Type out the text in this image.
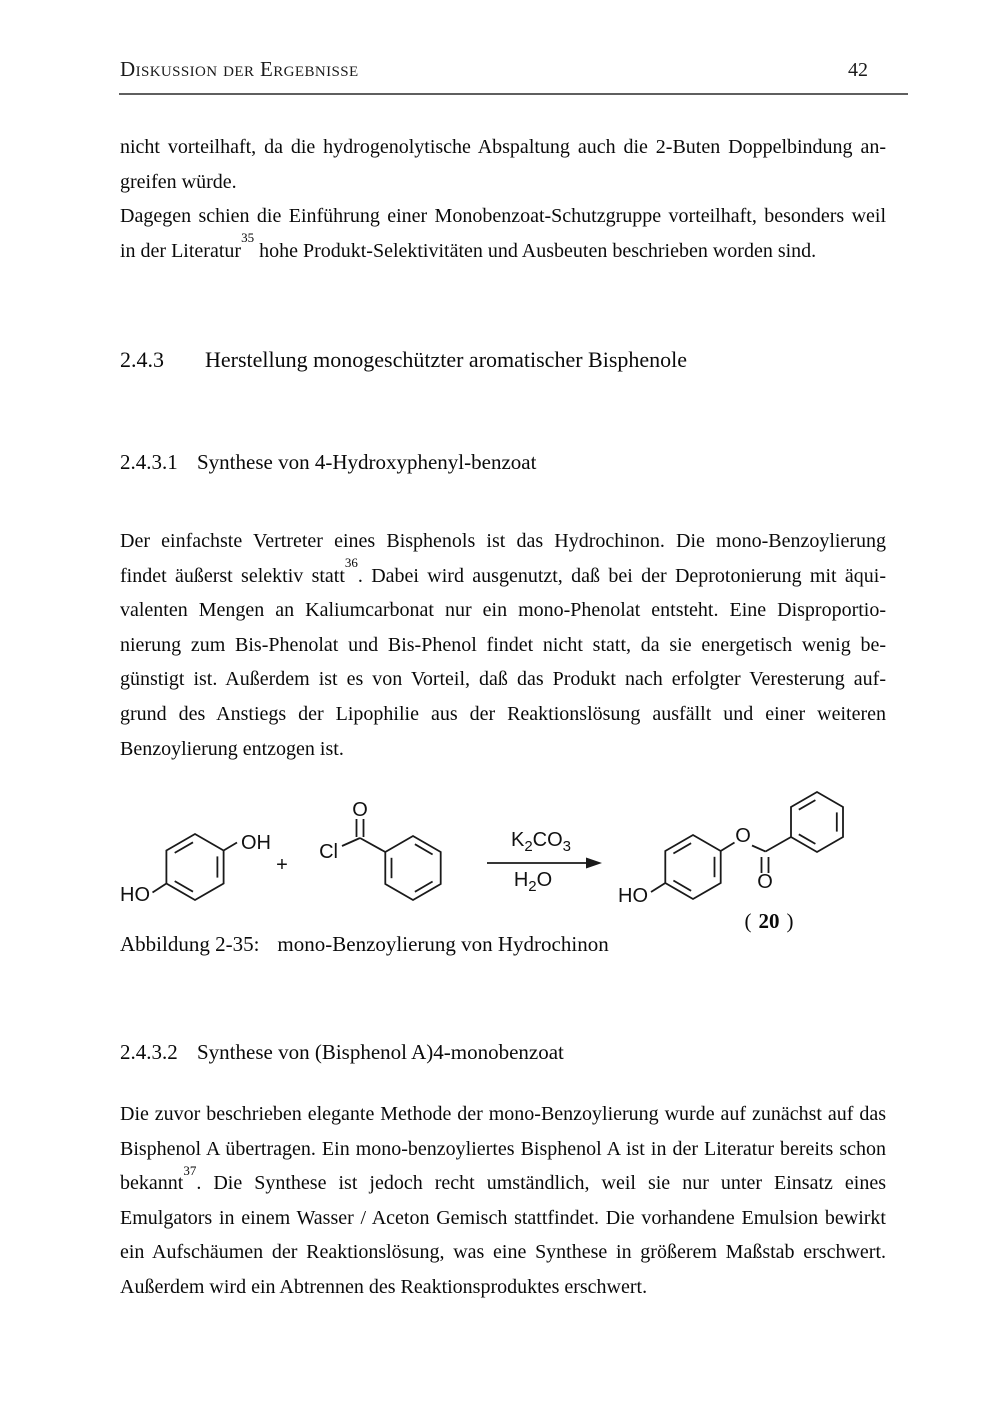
Diskussion der Ergebnisse	42
nicht vorteilhaft, da die hydrogenolytische Abspaltung auch die 2-Buten Doppelbindung an-
greifen würde.
Dagegen schien die Einführung einer Monobenzoat-Schutzgruppe vorteilhaft, besonders weil
in der Literatur$^{35}$ hohe Produkt-Selektivitäten und Ausbeuten beschrieben worden sind.
2.4.3 Herstellung monogeschützter aromatischer Bisphenole
2.4.3.1 Synthese von 4-Hydroxyphenyl-benzoat
Der einfachste Vertreter eines Bisphenols ist das Hydrochinon. Die mono-Benzoylierung
findet äußerst selektiv statt$^{36}$. Dabei wird ausgenutzt, daß bei der Deprotonierung mit äqui-
valenten Mengen an Kaliumcarbonat nur ein mono-Phenolat entsteht. Eine Disproportio-
nierung zum Bis-Phenolat und Bis-Phenol findet nicht statt, da sie energetisch wenig be-
günstigt ist. Außerdem ist es von Vorteil, daß das Produkt nach erfolgter Veresterung auf-
grund des Anstiegs der Lipophilie aus der Reaktionslösung ausfällt und einer weiteren
Benzoylierung entzogen ist.
OH
HO
+
Cl
O
$K_2CO_3$
$H_2O$
HO
O
O
( 20 )
Abbildung 2-35: mono-Benzoylierung von Hydrochinon
2.4.3.2 Synthese von (Bisphenol A)4-monobenzoat
Die zuvor beschrieben elegante Methode der mono-Benzoylierung wurde auf zunächst auf das
Bisphenol A übertragen. Ein mono-benzoyliertes Bisphenol A ist in der Literatur bereits schon
bekannt$^{37}$. Die Synthese ist jedoch recht umständlich, weil sie nur unter Einsatz eines
Emulgators in einem Wasser / Aceton Gemisch stattfindet. Die vorhandene Emulsion bewirkt
ein Aufschäumen der Reaktionslösung, was eine Synthese in größerem Maßstab erschwert.
Außerdem wird ein Abtrennen des Reaktionsproduktes erschwert.
